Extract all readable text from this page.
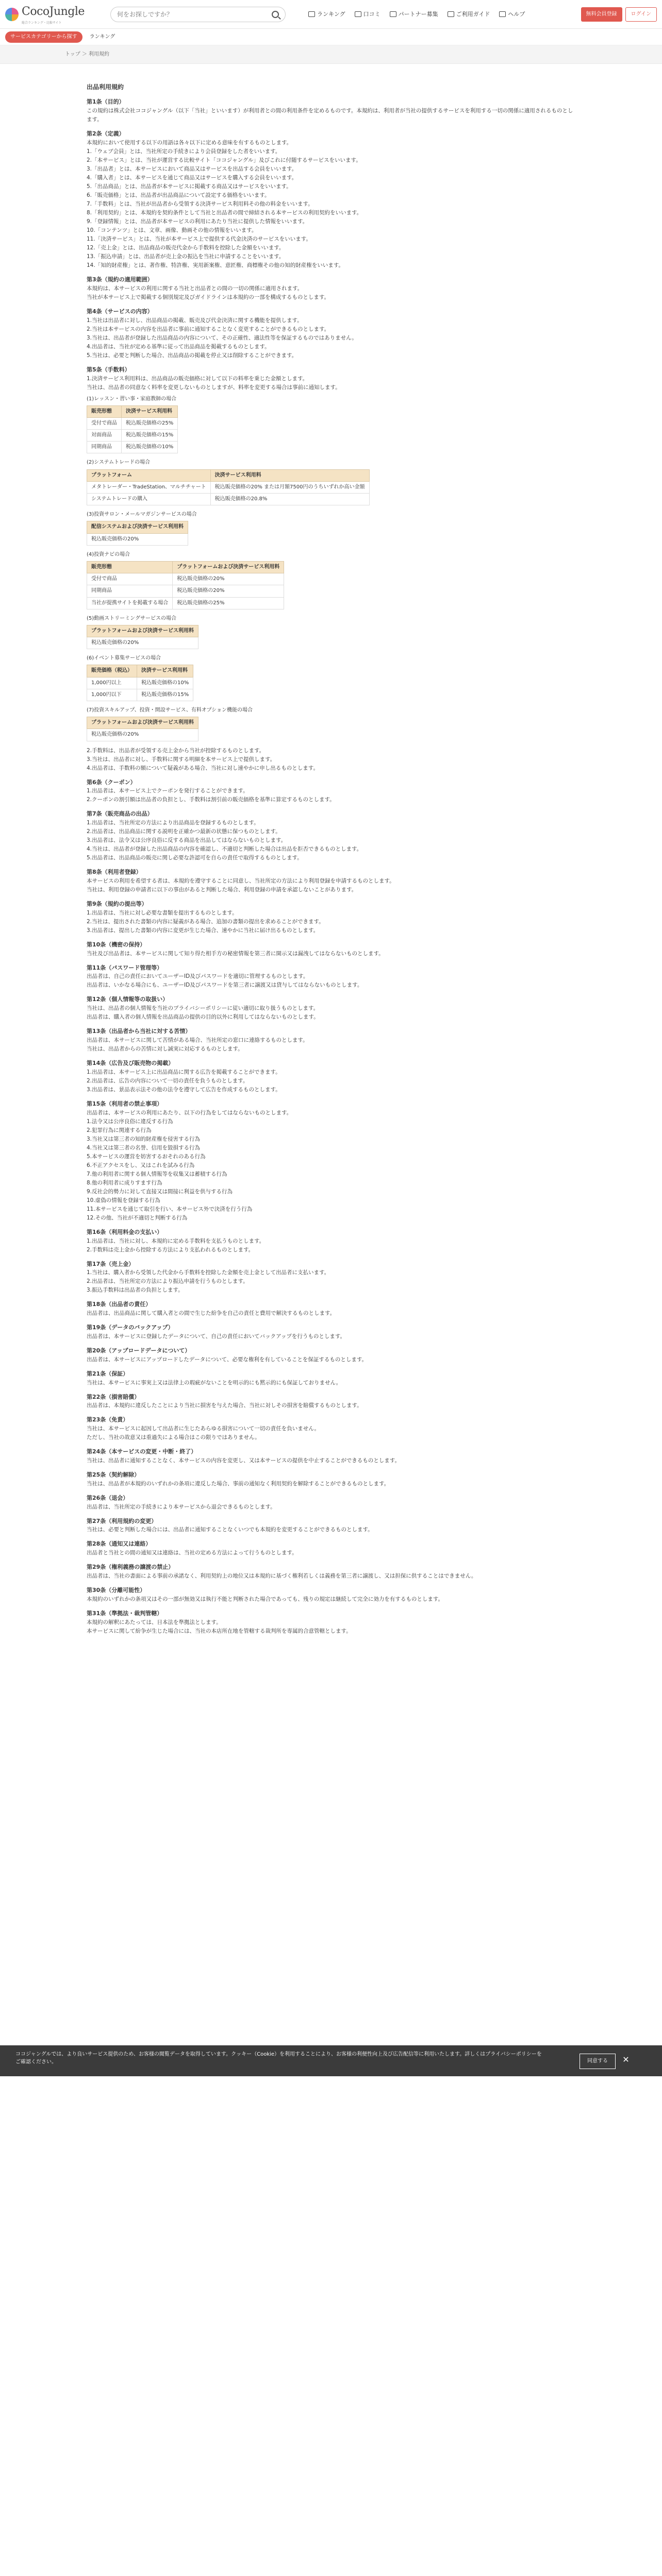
CocoJungle
総合ランキング・比較サイト
何をお探しですか？
ランキング	口コミ	パートナー募集	ご利用ガイド	ヘルプ	無料会員登録	ログイン
サービスカテゴリーから探す	ランキング
トップ ＞ 利用規約
出品利用規約
第1条（目的）

この規約は株式会社ココジャングル（以下「当社」といいます）が利用者との間の利用条件を定めるものです。本規約は、利用者が当社の提供するサービスを利用する一切の関係に適用されるものとします。

第2条（定義）

本規約において使用する以下の用語は各々以下に定める意味を有するものとします。

1.「ウェブ会員」とは、当社所定の手続きにより会員登録をした者をいいます。

2.「本サービス」とは、当社が運営する比較サイト「ココジャングル」及びこれに付随するサービスをいいます。

3.「出品者」とは、本サービスにおいて商品又はサービスを出品する会員をいいます。

4.「購入者」とは、本サービスを通じて商品又はサービスを購入する会員をいいます。

5.「出品商品」とは、出品者が本サービスに掲載する商品又はサービスをいいます。

6.「販売価格」とは、出品者が出品商品について設定する価格をいいます。

7.「手数料」とは、当社が出品者から受領する決済サービス利用料その他の料金をいいます。

8.「利用契約」とは、本規約を契約条件として当社と出品者の間で締結される本サービスの利用契約をいいます。

9.「登録情報」とは、出品者が本サービスの利用にあたり当社に提供した情報をいいます。

10.「コンテンツ」とは、文章、画像、動画その他の情報をいいます。

11.「決済サービス」とは、当社が本サービス上で提供する代金決済のサービスをいいます。

12.「売上金」とは、出品商品の販売代金から手数料を控除した金額をいいます。

13.「振込申請」とは、出品者が売上金の振込を当社に申請することをいいます。

14.「知的財産権」とは、著作権、特許権、実用新案権、意匠権、商標権その他の知的財産権をいいます。

第3条（規約の適用範囲）

本規約は、本サービスの利用に関する当社と出品者との間の一切の関係に適用されます。

当社が本サービス上で掲載する個別規定及びガイドラインは本規約の一部を構成するものとします。

第4条（サービスの内容）

1.当社は出品者に対し、出品商品の掲載、販売及び代金決済に関する機能を提供します。

2.当社は本サービスの内容を出品者に事前に通知することなく変更することができるものとします。

3.当社は、出品者が登録した出品商品の内容について、その正確性、適法性等を保証するものではありません。

4.出品者は、当社が定める基準に従って出品商品を掲載するものとします。

5.当社は、必要と判断した場合、出品商品の掲載を停止又は削除することができます。

第5条（手数料）

1.決済サービス利用料は、出品商品の販売価格に対して以下の料率を乗じた金額とします。

当社は、出品者の同意なく料率を変更しないものとしますが、料率を変更する場合は事前に通知します。

(1)レッスン・習い事・家庭教師の場合
販売形態	決済サービス利用料
受付で商品	税込販売価格の25%
対面商品	税込販売価格の15%
同期商品	税込販売価格の10%
(2)システムトレードの場合
プラットフォーム	決済サービス利用料
メタトレーダー・TradeStation、マルチチャート	税込販売価格の20% または月額7500円のうちいずれか高い金額
システムトレードの購入	税込販売価格の20.8%
(3)投資サロン・メールマガジンサービスの場合
配信システムおよび決済サービス利用料
税込販売価格の20%
(4)投資ナビの場合
販売形態	プラットフォームおよび決済サービス利用料
受付で商品	税込販売価格の20%
同期商品	税込販売価格の20%
当社が提携サイトを掲載する場合	税込販売価格の25%
(5)動画ストリーミングサービスの場合
プラットフォームおよび決済サービス利用料
税込販売価格の20%
(6)イベント募集サービスの場合
販売価格（税込）	決済サービス利用料
1,000円以上	税込販売価格の10%
1,000円以下	税込販売価格の15%
(7)投資スキルアップ、投資・開設サービス、有料オプション機能の場合
プラットフォームおよび決済サービス利用料
税込販売価格の20%

2.手数料は、出品者が受領する売上金から当社が控除するものとします。

3.当社は、出品者に対し、手数料に関する明細を本サービス上で提供します。

4.出品者は、手数料の額について疑義がある場合、当社に対し速やかに申し出るものとします。

第6条（クーポン）

1.出品者は、本サービス上でクーポンを発行することができます。

2.クーポンの割引額は出品者の負担とし、手数料は割引前の販売価格を基準に算定するものとします。

第7条（販売商品の出品）

1.出品者は、当社所定の方法により出品商品を登録するものとします。

2.出品者は、出品商品に関する説明を正確かつ最新の状態に保つものとします。

3.出品者は、法令又は公序良俗に反する商品を出品してはならないものとします。

4.当社は、出品者が登録した出品商品の内容を確認し、不適切と判断した場合は出品を拒否できるものとします。

5.出品者は、出品商品の販売に関し必要な許認可を自らの責任で取得するものとします。

第8条（利用者登録）

本サービスの利用を希望する者は、本規約を遵守することに同意し、当社所定の方法により利用登録を申請するものとします。

当社は、利用登録の申請者に以下の事由があると判断した場合、利用登録の申請を承認しないことがあります。

第9条（規約の提出等）

1.出品者は、当社に対し必要な書類を提出するものとします。

2.当社は、提出された書類の内容に疑義がある場合、追加の書類の提出を求めることができます。

3.出品者は、提出した書類の内容に変更が生じた場合、速やかに当社に届け出るものとします。

第10条（機密の保持）

当社及び出品者は、本サービスに関して知り得た相手方の秘密情報を第三者に開示又は漏洩してはならないものとします。

第11条（パスワード管理等）

出品者は、自己の責任においてユーザーID及びパスワードを適切に管理するものとします。

出品者は、いかなる場合にも、ユーザーID及びパスワードを第三者に譲渡又は貸与してはならないものとします。

第12条（個人情報等の取扱い）

当社は、出品者の個人情報を当社のプライバシーポリシーに従い適切に取り扱うものとします。

出品者は、購入者の個人情報を出品商品の提供の目的以外に利用してはならないものとします。

第13条（出品者から当社に対する苦情）

出品者は、本サービスに関して苦情がある場合、当社所定の窓口に連絡するものとします。

当社は、出品者からの苦情に対し誠実に対応するものとします。

第14条（広告及び販売物の掲載）

1.出品者は、本サービス上に出品商品に関する広告を掲載することができます。

2.出品者は、広告の内容について一切の責任を負うものとします。

3.出品者は、景品表示法その他の法令を遵守して広告を作成するものとします。

第15条（利用者の禁止事項）

出品者は、本サービスの利用にあたり、以下の行為をしてはならないものとします。

1.法令又は公序良俗に違反する行為

2.犯罪行為に関連する行為

3.当社又は第三者の知的財産権を侵害する行為

4.当社又は第三者の名誉、信用を毀損する行為

5.本サービスの運営を妨害するおそれのある行為

6.不正アクセスをし、又はこれを試みる行為

7.他の利用者に関する個人情報等を収集又は蓄積する行為

8.他の利用者に成りすます行為

9.反社会的勢力に対して直接又は間接に利益を供与する行為

10.虚偽の情報を登録する行為

11.本サービスを通じて取引を行い、本サービス外で決済を行う行為

12.その他、当社が不適切と判断する行為

第16条（利用料金の支払い）

1.出品者は、当社に対し、本規約に定める手数料を支払うものとします。

2.手数料は売上金から控除する方法により支払われるものとします。

第17条（売上金）

1.当社は、購入者から受領した代金から手数料を控除した金額を売上金として出品者に支払います。

2.出品者は、当社所定の方法により振込申請を行うものとします。

3.振込手数料は出品者の負担とします。

第18条（出品者の責任）

出品者は、出品商品に関して購入者との間で生じた紛争を自己の責任と費用で解決するものとします。

第19条（データのバックアップ）

出品者は、本サービスに登録したデータについて、自己の責任においてバックアップを行うものとします。

第20条（アップロードデータについて）

出品者は、本サービスにアップロードしたデータについて、必要な権利を有していることを保証するものとします。

第21条（保証）

当社は、本サービスに事実上又は法律上の瑕疵がないことを明示的にも黙示的にも保証しておりません。

第22条（損害賠償）

出品者は、本規約に違反したことにより当社に損害を与えた場合、当社に対しその損害を賠償するものとします。

第23条（免責）

当社は、本サービスに起因して出品者に生じたあらゆる損害について一切の責任を負いません。

ただし、当社の故意又は重過失による場合はこの限りではありません。

第24条（本サービスの変更・中断・終了）

当社は、出品者に通知することなく、本サービスの内容を変更し、又は本サービスの提供を中止することができるものとします。

第25条（契約解除）

当社は、出品者が本規約のいずれかの条項に違反した場合、事前の通知なく利用契約を解除することができるものとします。

第26条（退会）

出品者は、当社所定の手続きにより本サービスから退会できるものとします。

第27条（利用規約の変更）

当社は、必要と判断した場合には、出品者に通知することなくいつでも本規約を変更することができるものとします。

第28条（通知又は連絡）

出品者と当社との間の通知又は連絡は、当社の定める方法によって行うものとします。

第29条（権利義務の譲渡の禁止）

出品者は、当社の書面による事前の承諾なく、利用契約上の地位又は本規約に基づく権利若しくは義務を第三者に譲渡し、又は担保に供することはできません。

第30条（分離可能性）

本規約のいずれかの条項又はその一部が無効又は執行不能と判断された場合であっても、残りの規定は継続して完全に効力を有するものとします。

第31条（準拠法・裁判管轄）

本規約の解釈にあたっては、日本法を準拠法とします。

本サービスに関して紛争が生じた場合には、当社の本店所在地を管轄する裁判所を専属的合意管轄とします。

ココジャングルでは、より良いサービス提供のため、お客様の閲覧データを取得しています。クッキー（Cookie）を利用することにより、お客様の利便性向上及び広告配信等に利用いたします。詳しくはプライバシーポリシーをご確認ください。	同意する	✕
